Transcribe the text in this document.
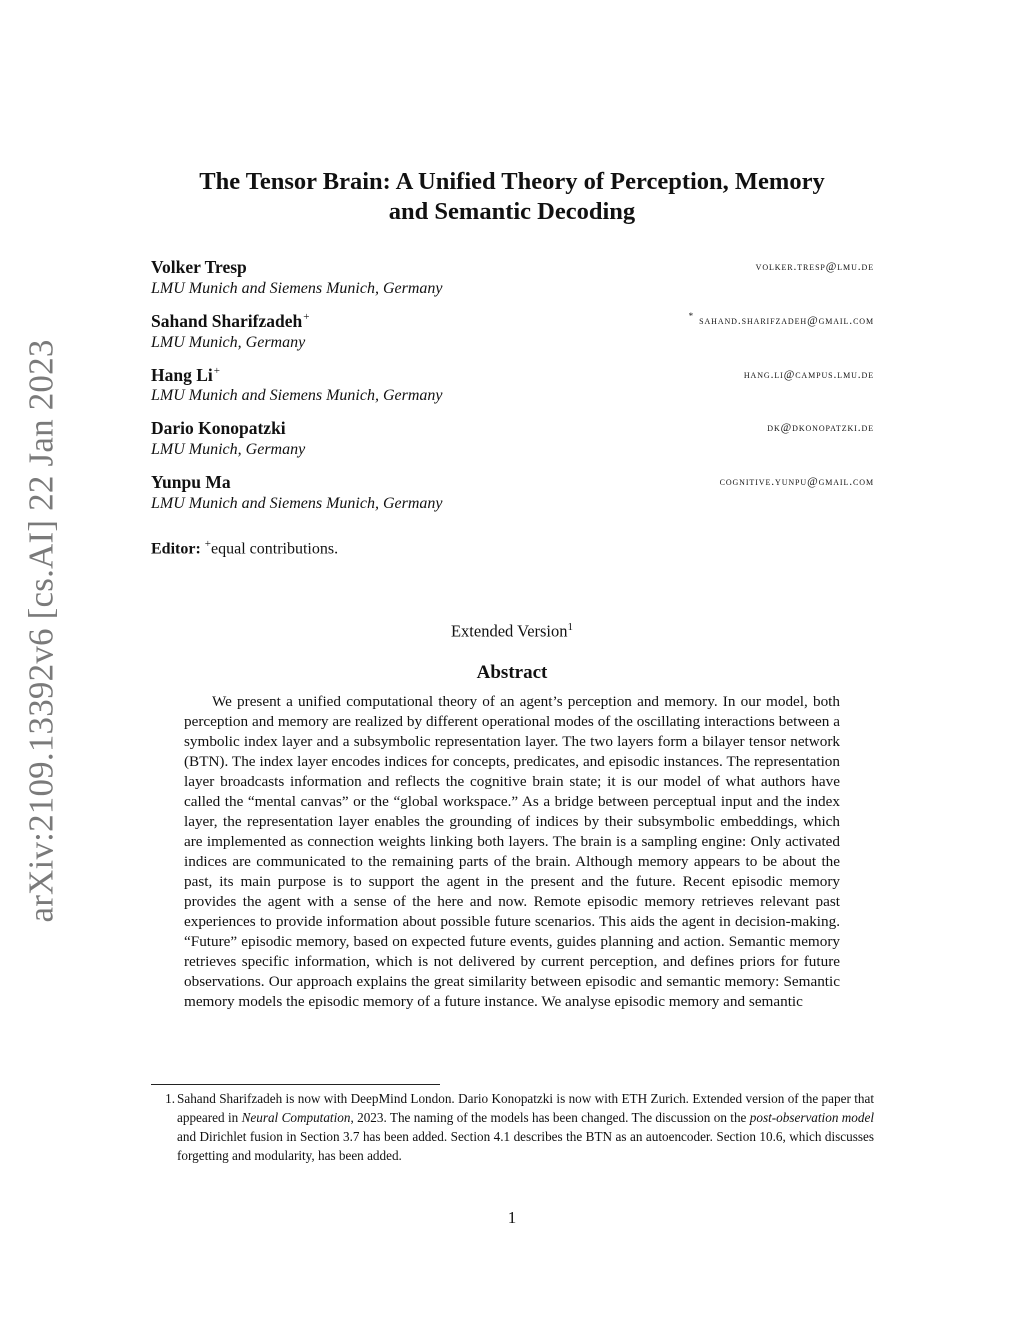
arXiv:2109.13392v6 [cs.AI] 22 Jan 2023
The Tensor Brain: A Unified Theory of Perception, Memory
and Semantic Decoding
Volker Tresp
LMU Munich and Siemens Munich, Germany
volker.tresp@lmu.de
Sahand Sharifzadeh+
LMU Munich, Germany
* sahand.sharifzadeh@gmail.com
Hang Li+
LMU Munich and Siemens Munich, Germany
hang.li@campus.lmu.de
Dario Konopatzki
LMU Munich, Germany
dk@dkonopatzki.de
Yunpu Ma
LMU Munich and Siemens Munich, Germany
cognitive.yunpu@gmail.com
Editor: +equal contributions.
Extended Version$^1$
Abstract

We present a unified computational theory of an agent’s perception and memory. In our model, both perception and memory are realized by different operational modes of the oscillating interactions between a symbolic index layer and a subsymbolic representation layer. The two layers form a bilayer tensor network (BTN). The index layer encodes indices for concepts, predicates, and episodic instances. The representation layer broadcasts information and reflects the cognitive brain state; it is our model of what authors have called the “mental canvas” or the “global workspace.” As a bridge between perceptual input and the index layer, the representation layer enables the grounding of indices by their subsymbolic embeddings, which are implemented as connection weights linking both layers. The brain is a sampling engine: Only activated indices are communicated to the remaining parts of the brain. Although memory appears to be about the past, its main purpose is to support the agent in the present and the future. Recent episodic memory provides the agent with a sense of the here and now. Remote episodic memory retrieves relevant past experiences to provide information about possible future scenarios. This aids the agent in decision-making. “Future” episodic memory, based on expected future events, guides planning and action. Semantic memory retrieves specific information, which is not delivered by current perception, and defines priors for future observations. Our approach explains the great similarity between episodic and semantic memory: Semantic memory models the episodic memory of a future instance. We analyse episodic memory and semantic

1. Sahand Sharifzadeh is now with DeepMind London. Dario Konopatzki is now with ETH Zurich. Extended version of the paper that appeared in Neural Computation, 2023. The naming of the models has been changed. The discussion on the post-observation model and Dirichlet fusion in Section 3.7 has been added. Section 4.1 describes the BTN as an autoencoder. Section 10.6, which discusses forgetting and modularity, has been added.
1
